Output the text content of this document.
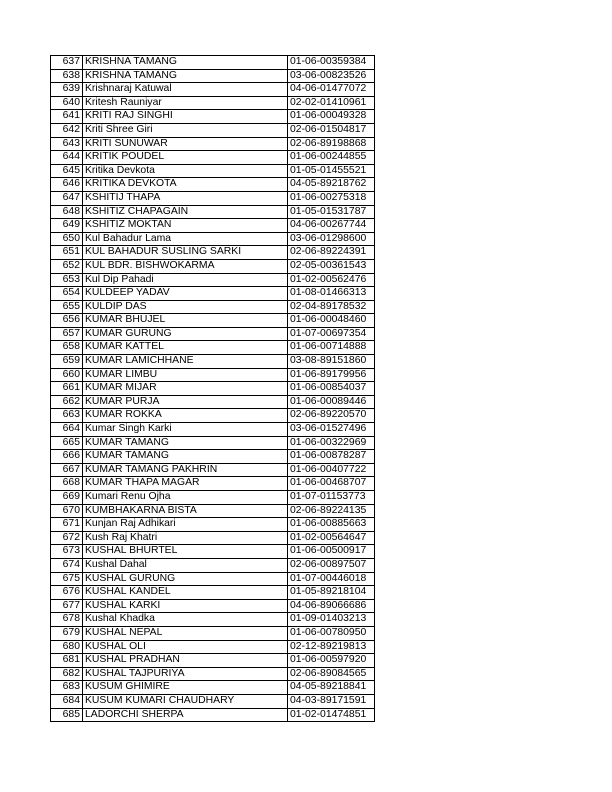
637	KRISHNA TAMANG	01-06-00359384
638	KRISHNA TAMANG	03-06-00823526
639	Krishnaraj Katuwal	04-06-01477072
640	Kritesh Rauniyar	02-02-01410961
641	KRITI RAJ SINGHI	01-06-00049328
642	Kriti Shree Giri	02-06-01504817
643	KRITI SUNUWAR	02-06-89198868
644	KRITIK POUDEL	01-06-00244855
645	Kritika Devkota	01-05-01455521
646	KRITIKA DEVKOTA	04-05-89218762
647	KSHITIJ THAPA	01-06-00275318
648	KSHITIZ CHAPAGAIN	01-05-01531787
649	KSHITIZ MOKTAN	04-06-00267744
650	Kul Bahadur Lama	03-06-01298600
651	KUL BAHADUR SUSLING SARKI	02-06-89224391
652	KUL BDR. BISHWOKARMA	02-05-00361543
653	Kul Dip Pahadi	01-02-00562476
654	KULDEEP YADAV	01-08-01466313
655	KULDIP DAS	02-04-89178532
656	KUMAR BHUJEL	01-06-00048460
657	KUMAR GURUNG	01-07-00697354
658	KUMAR KATTEL	01-06-00714888
659	KUMAR LAMICHHANE	03-08-89151860
660	KUMAR LIMBU	01-06-89179956
661	KUMAR MIJAR	01-06-00854037
662	KUMAR PURJA	01-06-00089446
663	KUMAR ROKKA	02-06-89220570
664	Kumar Singh Karki	03-06-01527496
665	KUMAR TAMANG	01-06-00322969
666	KUMAR TAMANG	01-06-00878287
667	KUMAR TAMANG PAKHRIN	01-06-00407722
668	KUMAR THAPA MAGAR	01-06-00468707
669	Kumari Renu Ojha	01-07-01153773
670	KUMBHAKARNA BISTA	02-06-89224135
671	Kunjan Raj Adhikari	01-06-00885663
672	Kush Raj Khatri	01-02-00564647
673	KUSHAL BHURTEL	01-06-00500917
674	Kushal Dahal	02-06-00897507
675	KUSHAL GURUNG	01-07-00446018
676	KUSHAL KANDEL	01-05-89218104
677	KUSHAL KARKI	04-06-89066686
678	Kushal Khadka	01-09-01403213
679	KUSHAL NEPAL	01-06-00780950
680	KUSHAL OLI	02-12-89219813
681	KUSHAL PRADHAN	01-06-00597920
682	KUSHAL TAJPURIYA	02-06-89084565
683	KUSUM GHIMIRE	04-05-89218841
684	KUSUM KUMARI CHAUDHARY	04-03-89171591
685	LADORCHI SHERPA	01-02-01474851
